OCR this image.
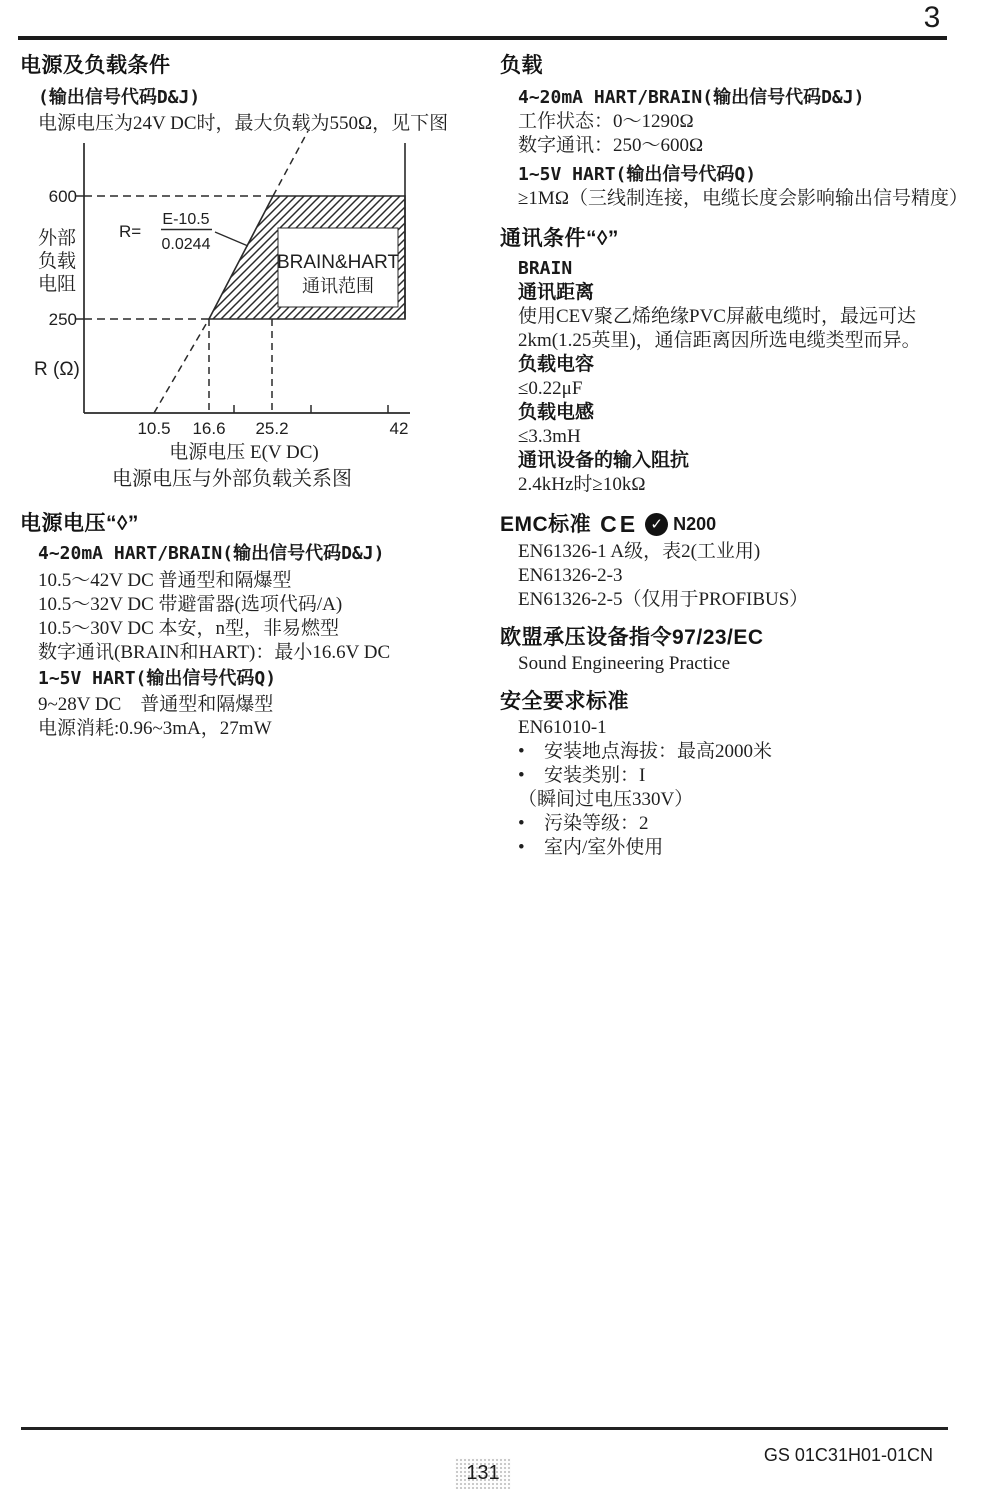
3
电源及负载条件
(输出信号代码D&J)
电源电压为24V DC时，最大负载为550Ω，见下图
R=
E-10.5
0.0244
BRAIN&HART
通讯范围
600
250
外部
负载
电阻
R (Ω)
10.5 16.6 25.2	42
电源电压 E(V DC)
电源电压与外部负载关系图
电源电压“◊”
4~20mA HART/BRAIN(输出信号代码D&J)
10.5～42V DC 普通型和隔爆型
10.5～32V DC 带避雷器(选项代码/A)
10.5～30V DC 本安，n型，非易燃型
数字通讯(BRAIN和HART)：最小16.6V DC
1~5V HART(输出信号代码Q)
9~28V DC　普通型和隔爆型
电源消耗:0.96~3mA，27mW
负载
4~20mA HART/BRAIN(输出信号代码D&J)
工作状态：0～1290Ω
数字通讯：250～600Ω
1~5V HART(输出信号代码Q)
≥1MΩ（三线制连接，电缆长度会影响输出信号精度）
通讯条件“◊”
BRAIN
通讯距离
使用CEV聚乙烯绝缘PVC屏蔽电缆时，最远可达
2km(1.25英里)，通信距离因所选电缆类型而异。
负载电容
≤0.22μF
负载电感
≤3.3mH
通讯设备的输入阻抗
2.4kHz时≥10kΩ
EMC标准 CE ✓ N200
EN61326-1 A级，表2(工业用)
EN61326-2-3
EN61326-2-5（仅用于PROFIBUS）
欧盟承压设备指令97/23/EC
Sound Engineering Practice
安全要求标准
EN61010-1
•	安装地点海拔：最高2000米
•	安装类别：I
（瞬间过电压330V）
•	污染等级：2
•	室内/室外使用
GS 01C31H01-01CN
131
